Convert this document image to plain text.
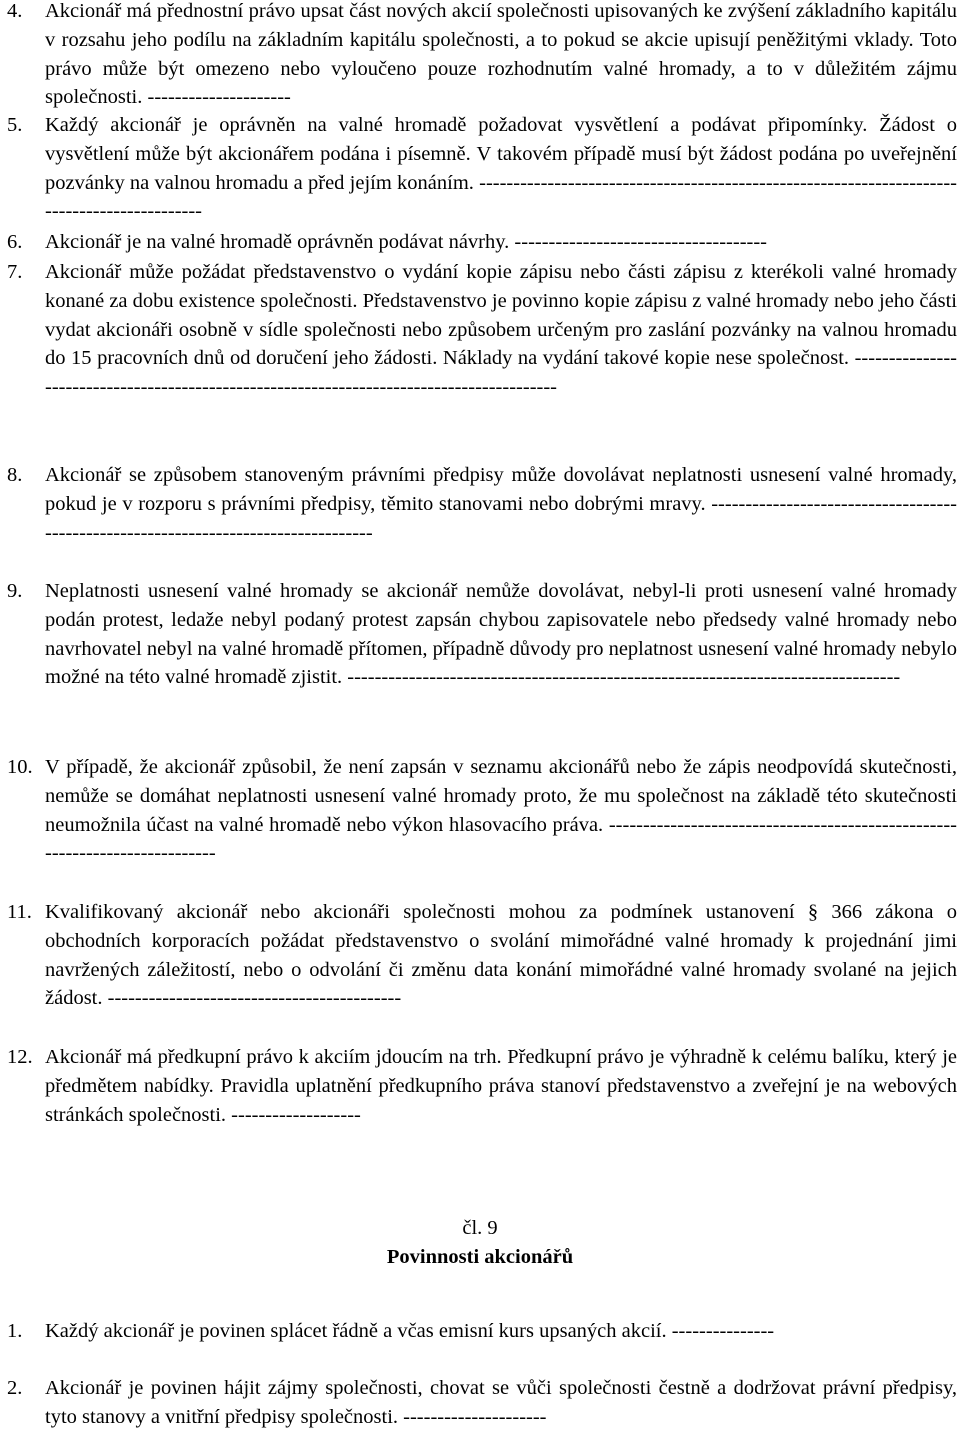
4. Akcionář má přednostní právo upsat část nových akcií společnosti upisovaných ke zvýšení základního kapitálu v rozsahu jeho podílu na základním kapitálu společnosti, a to pokud se akcie upisují peněžitými vklady. Toto právo může být omezeno nebo vyloučeno pouze rozhodnutím valné hromady, a to v důležitém zájmu společnosti. ---------------------
5. Každý akcionář je oprávněn na valné hromadě požadovat vysvětlení a podávat připomínky. Žádost o vysvětlení může být akcionářem podána i písemně. V takovém případě musí být žádost podána po uveřejnění pozvánky na valnou hromadu a před jejím konáním. ---------------------------------------------------------------------------------------------
6. Akcionář je na valné hromadě oprávněn podávat návrhy. -------------------------------------
7. Akcionář může požádat představenstvo o vydání kopie zápisu nebo části zápisu z kterékoli valné hromady konané za dobu existence společnosti. Představenstvo je povinno kopie zápisu z valné hromady nebo jeho části vydat akcionáři osobně v sídle společnosti nebo způsobem určeným pro zaslání pozvánky na valnou hromadu do 15 pracovních dnů od doručení jeho žádosti. Náklady na vydání takové kopie nese společnost. ------------------------------------------------------------------------------------------
8. Akcionář se způsobem stanoveným právními předpisy může dovolávat neplatnosti usnesení valné hromady, pokud je v rozporu s právními předpisy, těmito stanovami nebo dobrými mravy. ------------------------------------------------------------------------------------
9. Neplatnosti usnesení valné hromady se akcionář nemůže dovolávat, nebyl-li proti usnesení valné hromady podán protest, ledaže nebyl podaný protest zapsán chybou zapisovatele nebo předsedy valné hromady nebo navrhovatel nebyl na valné hromadě přítomen, případně důvody pro neplatnost usnesení valné hromady nebylo možné na této valné hromadě zjistit. ---------------------------------------------------------------------------------
10. V případě, že akcionář způsobil, že není zapsán v seznamu akcionářů nebo že zápis neodpovídá skutečnosti, nemůže se domáhat neplatnosti usnesení valné hromady proto, že mu společnost na základě této skutečnosti neumožnila účast na valné hromadě nebo výkon hlasovacího práva. ----------------------------------------------------------------------------
11. Kvalifikovaný akcionář nebo akcionáři společnosti mohou za podmínek ustanovení § 366 zákona o obchodních korporacích požádat představenstvo o svolání mimořádné valné hromady k projednání jimi navržených záležitostí, nebo o odvolání či změnu data konání mimořádné valné hromady svolané na jejich žádost. -------------------------------------------
12. Akcionář má předkupní právo k akciím jdoucím na trh. Předkupní právo je výhradně k celému balíku, který je předmětem nabídky. Pravidla uplatnění předkupního práva stanoví představenstvo a zveřejní je na webových stránkách společnosti. -------------------
čl. 9
Povinnosti akcionářů
1. Každý akcionář je povinen splácet řádně a včas emisní kurs upsaných akcií. ---------------
2. Akcionář je povinen hájit zájmy společnosti, chovat se vůči společnosti čestně a dodržovat právní předpisy, tyto stanovy a vnitřní předpisy společnosti. ---------------------
